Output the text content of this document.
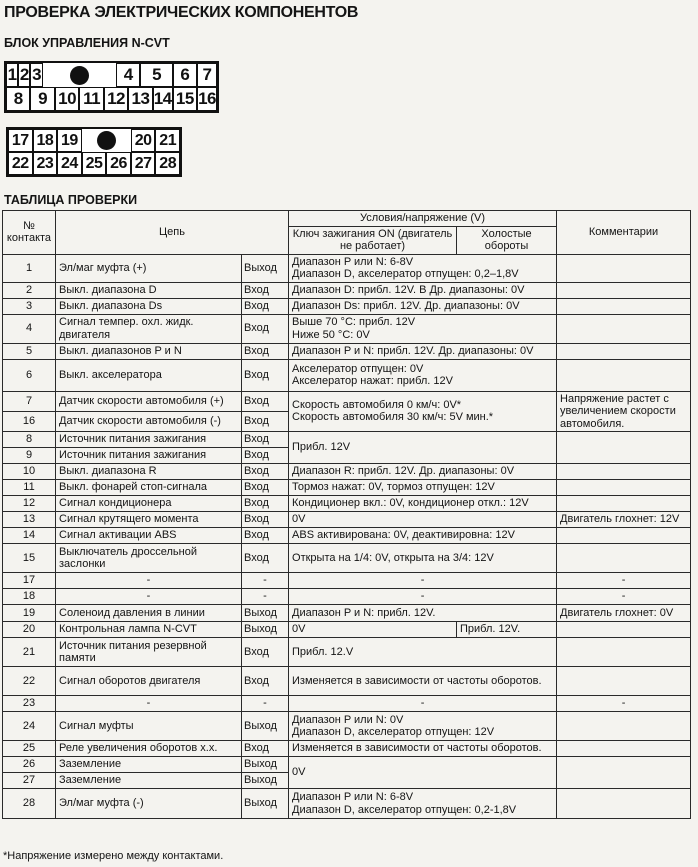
ПРОВЕРКА ЭЛЕКТРИЧЕСКИХ КОМПОНЕНТОВ
БЛОК УПРАВЛЕНИЯ N-CVT
1 2 3	4	5	6 7
8 9 10 11 12 13 14 15 16
17 18 19	20 21
22 23 24 25 26 27 28
ТАБЛИЦА ПРОВЕРКИ
№ контакта	Цепь		Условия/напряжение (V)		Комментарии
			Ключ зажигания ON (двигатель не работает)	Холостые обороты	
1	Эл/маг муфта (+)	Выход	Диапазон P или N: 6-8V
Диапазон D, акселератор отпущен: 0,2–1,8V		
2	Выкл. диапазона D	Вход	Диапазон D: прибл. 12V. В Др. диапазоны: 0V		
3	Выкл. диапазона Ds	Вход	Диапазон Ds: прибл. 12V. Др. диапазоны: 0V		
4	Сигнал темпер. охл. жидк. двигателя	Вход	Выше 70 °C: прибл. 12V
Ниже 50 °C: 0V		
5	Выкл. диапазонов P и N	Вход	Диапазон P и N: прибл. 12V. Др. диапазоны: 0V		
6	Выкл. акселератора	Вход	Акселератор отпущен: 0V
Акселератор нажат: прибл. 12V		
7	Датчик скорости автомобиля (+)	Вход	Скорость автомобиля 0 км/ч: 0V*
Скорость автомобиля 30 км/ч: 5V мин.*		Напряжение растет с увеличением скорости автомобиля.
16	Датчик скорости автомобиля (-)	Вход			
8	Источник питания зажигания	Вход	Прибл. 12V		
9	Источник питания зажигания	Вход			
10	Выкл. диапазона R	Вход	Диапазон R: прибл. 12V. Др. диапазоны: 0V		
11	Выкл. фонарей стоп-сигнала	Вход	Тормоз нажат: 0V, тормоз отпущен: 12V		
12	Сигнал кондиционера	Вход	Кондиционер вкл.: 0V, кондиционер откл.: 12V		
13	Сигнал крутящего момента	Вход	0V		Двигатель глохнет: 12V
14	Сигнал активации ABS	Вход	ABS активирована: 0V, деактивировна: 12V		
15	Выключатель дроссельной заслонки	Вход	Открыта на 1/4: 0V, открыта на 3/4: 12V		
17	-	-	-		-
18	-	-	-		-
19	Соленоид давления в линии	Выход	Диапазон P и N: прибл. 12V.		Двигатель глохнет: 0V
20	Контрольная лампа N-CVT	Выход	0V	Прибл. 12V.	
21	Источник питания резервной памяти	Вход	Прибл. 12.V		
22	Сигнал оборотов двигателя	Вход	Изменяется в зависимости от частоты оборотов.		
23	-	-	-		-
24	Сигнал муфты	Выход	Диапазон P или N: 0V
Диапазон D, акселератор отпущен: 12V		
25	Реле увеличения оборотов х.х.	Вход	Изменяется в зависимости от частоты оборотов.		
26	Заземление	Выход	0V		
27	Заземление	Выход			
28	Эл/маг муфта (-)	Выход	Диапазон P или N: 6-8V
Диапазон D, акселератор отпущен: 0,2-1,8V		
*Напряжение измерено между контактами.
